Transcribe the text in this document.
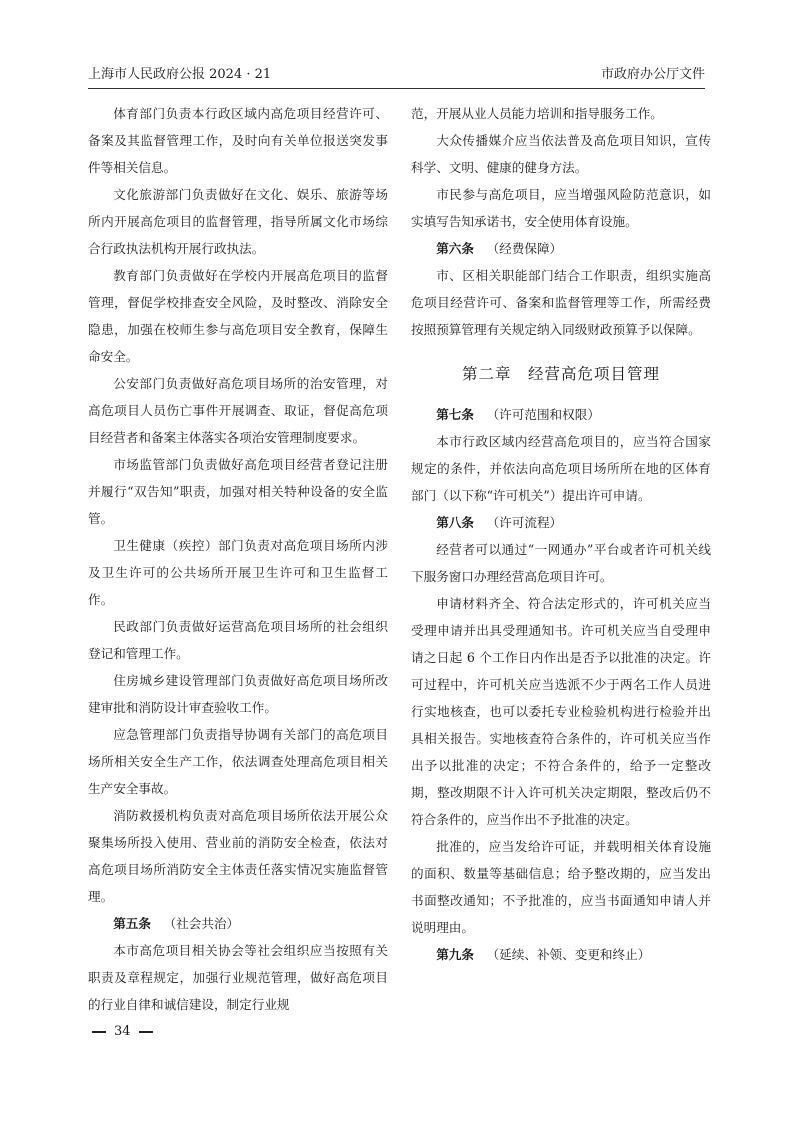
上海市人民政府公报 2024 · 21	市政府办公厅文件

体育部门负责本行政区域内高危项目经营许可、备案及其监督管理工作，及时向有关单位报送突发事件等相关信息。

文化旅游部门负责做好在文化、娱乐、旅游等场所内开展高危项目的监督管理，指导所属文化市场综合行政执法机构开展行政执法。

教育部门负责做好在学校内开展高危项目的监督管理，督促学校排查安全风险，及时整改、消除安全隐患，加强在校师生参与高危项目安全教育，保障生命安全。

公安部门负责做好高危项目场所的治安管理，对高危项目人员伤亡事件开展调查、取证，督促高危项目经营者和备案主体落实各项治安管理制度要求。

市场监管部门负责做好高危项目经营者登记注册并履行“双告知”职责，加强对相关特种设备的安全监管。

卫生健康（疾控）部门负责对高危项目场所内涉及卫生许可的公共场所开展卫生许可和卫生监督工作。

民政部门负责做好运营高危项目场所的社会组织登记和管理工作。

住房城乡建设管理部门负责做好高危项目场所改建审批和消防设计审查验收工作。

应急管理部门负责指导协调有关部门的高危项目场所相关安全生产工作，依法调查处理高危项目相关生产安全事故。

消防救援机构负责对高危项目场所依法开展公众聚集场所投入使用、营业前的消防安全检查，依法对高危项目场所消防安全主体责任落实情况实施监督管理。

第五条 （社会共治）

本市高危项目相关协会等社会组织应当按照有关职责及章程规定，加强行业规范管理，做好高危项目的行业自律和诚信建设，制定行业规

范，开展从业人员能力培训和指导服务工作。

大众传播媒介应当依法普及高危项目知识，宣传科学、文明、健康的健身方法。

市民参与高危项目，应当增强风险防范意识，如实填写告知承诺书，安全使用体育设施。

第六条 （经费保障）

市、区相关职能部门结合工作职责，组织实施高危项目经营许可、备案和监督管理等工作，所需经费按照预算管理有关规定纳入同级财政预算予以保障。

第二章　经营高危项目管理

第七条 （许可范围和权限）

本市行政区域内经营高危项目的，应当符合国家规定的条件，并依法向高危项目场所所在地的区体育部门（以下称“许可机关”）提出许可申请。

第八条 （许可流程）

经营者可以通过“一网通办”平台或者许可机关线下服务窗口办理经营高危项目许可。

申请材料齐全、符合法定形式的，许可机关应当受理申请并出具受理通知书。许可机关应当自受理申请之日起 6 个工作日内作出是否予以批准的决定。许可过程中，许可机关应当选派不少于两名工作人员进行实地核查，也可以委托专业检验机构进行检验并出具相关报告。实地核查符合条件的，许可机关应当作出予以批准的决定；不符合条件的，给予一定整改期，整改期限不计入许可机关决定期限，整改后仍不符合条件的，应当作出不予批准的决定。

批准的，应当发给许可证，并载明相关体育设施的面积、数量等基础信息；给予整改期的，应当发出书面整改通知；不予批准的，应当书面通知申请人并说明理由。

第九条 （延续、补领、变更和终止）

34
